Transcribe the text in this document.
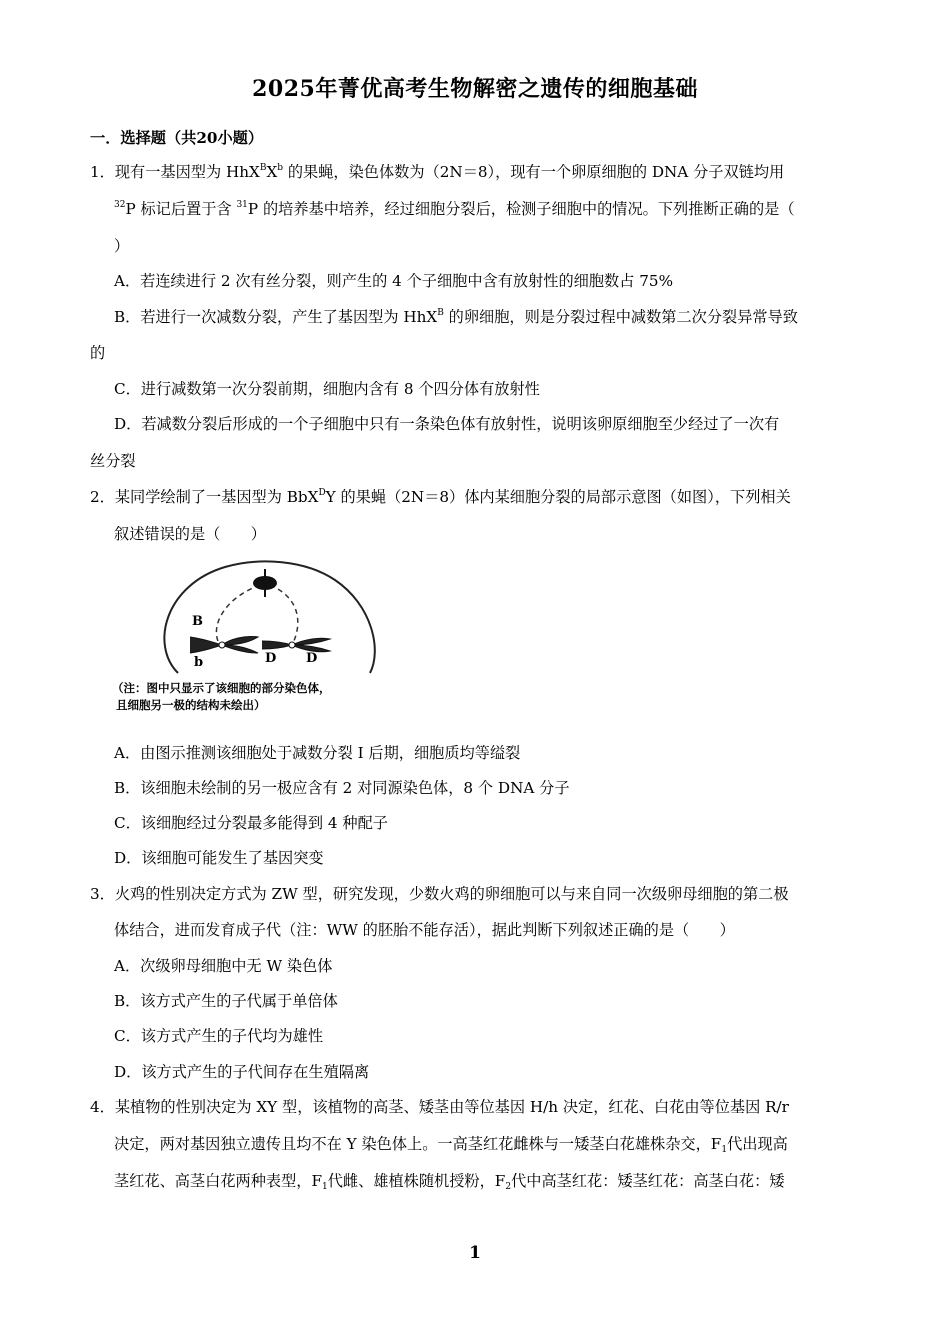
2025年菁优高考生物解密之遗传的细胞基础
一．选择题（共20小题）
1．现有一基因型为 $HhX^BX^b$ 的果蝇，染色体数为（2N＝8），现有一个卵原细胞的 DNA 分子双链均用
$^{32}$P 标记后置于含 $^{31}$P 的培养基中培养，经过细胞分裂后，检测子细胞中的情况。下列推断正确的是（
）
A．若连续进行 2 次有丝分裂，则产生的 4 个子细胞中含有放射性的细胞数占 75%
B．若进行一次减数分裂，产生了基因型为 HhX$^B$ 的卵细胞，则是分裂过程中减数第二次分裂异常导致
的
C．进行减数第一次分裂前期，细胞内含有 8 个四分体有放射性
D．若减数分裂后形成的一个子细胞中只有一条染色体有放射性，说明该卵原细胞至少经过了一次有
丝分裂
2．某同学绘制了一基因型为 BbX$^D$Y 的果蝇（2N＝8）体内某细胞分裂的局部示意图（如图），下列相关
叙述错误的是（　　）
B
b	D D
（注：图中只显示了该细胞的部分染色体，
且细胞另一极的结构未绘出）
A．由图示推测该细胞处于减数分裂 I 后期，细胞质均等缢裂
B．该细胞未绘制的另一极应含有 2 对同源染色体，8 个 DNA 分子
C．该细胞经过分裂最多能得到 4 种配子
D．该细胞可能发生了基因突变
3．火鸡的性别决定方式为 ZW 型，研究发现，少数火鸡的卵细胞可以与来自同一次级卵母细胞的第二极
体结合，进而发育成子代（注：WW 的胚胎不能存活），据此判断下列叙述正确的是（　　）
A．次级卵母细胞中无 W 染色体
B．该方式产生的子代属于单倍体
C．该方式产生的子代均为雄性
D．该方式产生的子代间存在生殖隔离
4．某植物的性别决定为 XY 型，该植物的高茎、矮茎由等位基因 H/h 决定，红花、白花由等位基因 R/r
决定，两对基因独立遗传且均不在 Y 染色体上。一高茎红花雌株与一矮茎白花雄株杂交，$F_1$代出现高
茎红花、高茎白花两种表型，$F_1$代雌、雄植株随机授粉，$F_2$代中高茎红花：矮茎红花：高茎白花：矮
1
